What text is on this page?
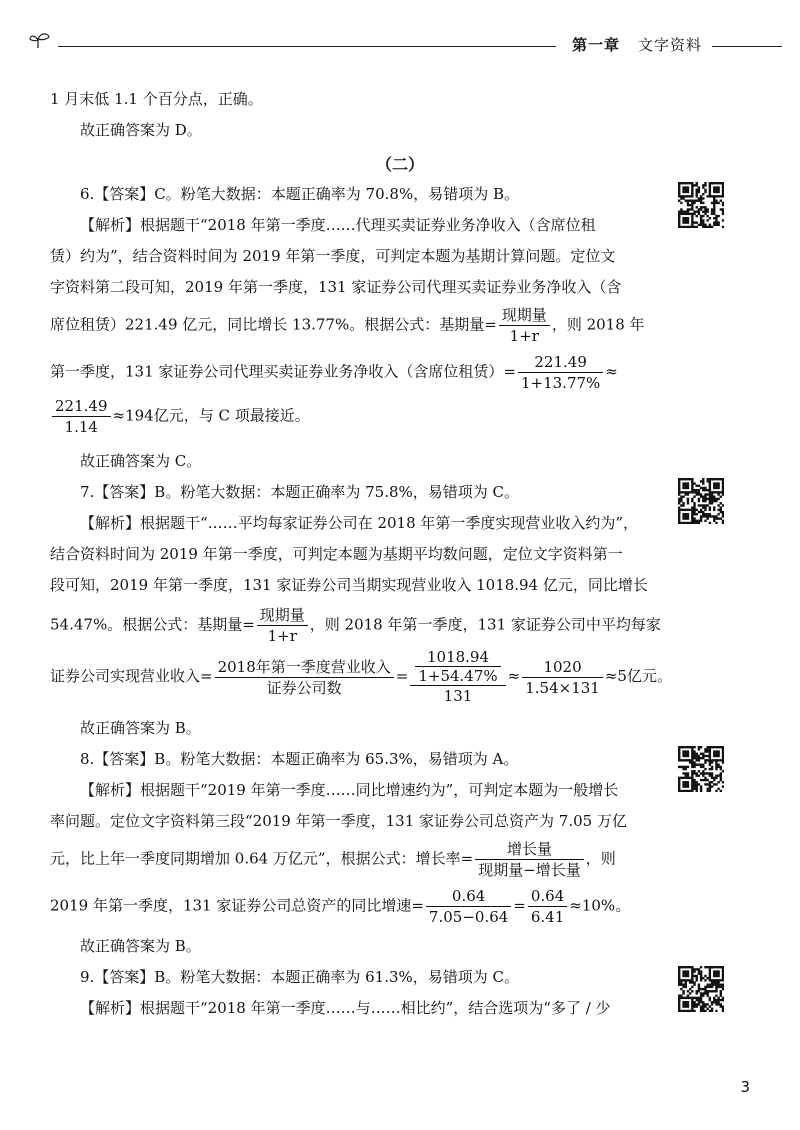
第一章 文字资料
1 月末低 1.1 个百分点，正确。
故正确答案为 D。
（二）
6.【答案】C。粉笔大数据：本题正确率为 70.8%，易错项为 B。
【解析】根据题干“2018 年第一季度……代理买卖证券业务净收入（含席位租
赁）约为”，结合资料时间为 2019 年第一季度，可判定本题为基期计算问题。定位文
字资料第二段可知，2019 年第一季度，131 家证券公司代理买卖证券业务净收入（含
席位租赁）221.49 亿元，同比增长 13.77%。根据公式：基期量= $\frac{\text{现期量}}{1+r}$ ，则 2018 年
第一季度，131 家证券公司代理买卖证券业务净收入（含席位租赁）= $\frac{221.49}{1+13.77\%}$ ≈
$\frac{221.49}{1.14} \approx 194$亿元，与 C 项最接近。
故正确答案为 C。
7.【答案】B。粉笔大数据：本题正确率为 75.8%，易错项为 C。
【解析】根据题干“……平均每家证券公司在 2018 年第一季度实现营业收入约为”，
结合资料时间为 2019 年第一季度，可判定本题为基期平均数问题，定位文字资料第一
段可知，2019 年第一季度，131 家证券公司当期实现营业收入 1018.94 亿元，同比增长
54.47%。根据公式：基期量= $\frac{\text{现期量}}{1+r}$ ，则 2018 年第一季度，131 家证券公司中平均每家
证券公司实现营业收入= $\frac{\text{2018年第一季度营业收入}}{\text{证券公司数}} = \frac{\frac{1018.94}{1+54.47\%}}{131} \approx \frac{1020}{1.54\times 131} \approx 5$亿元。
故正确答案为 B。
8.【答案】B。粉笔大数据：本题正确率为 65.3%，易错项为 A。
【解析】根据题干“2019 年第一季度……同比增速约为”，可判定本题为一般增长
率问题。定位文字资料第三段“2019 年第一季度，131 家证券公司总资产为 7.05 万亿
元，比上年一季度同期增加 0.64 万亿元”，根据公式：增长率= $\frac{\text{增长量}}{\text{现期量−增长量}}$ ，则
2019 年第一季度，131 家证券公司总资产的同比增速= $\frac{0.64}{7.05-0.64} = \frac{0.64}{6.41} \approx 10\%$。
故正确答案为 B。
9.【答案】B。粉笔大数据：本题正确率为 61.3%，易错项为 C。
【解析】根据题干“2018 年第一季度……与……相比约”，结合选项为“多了 / 少
3
